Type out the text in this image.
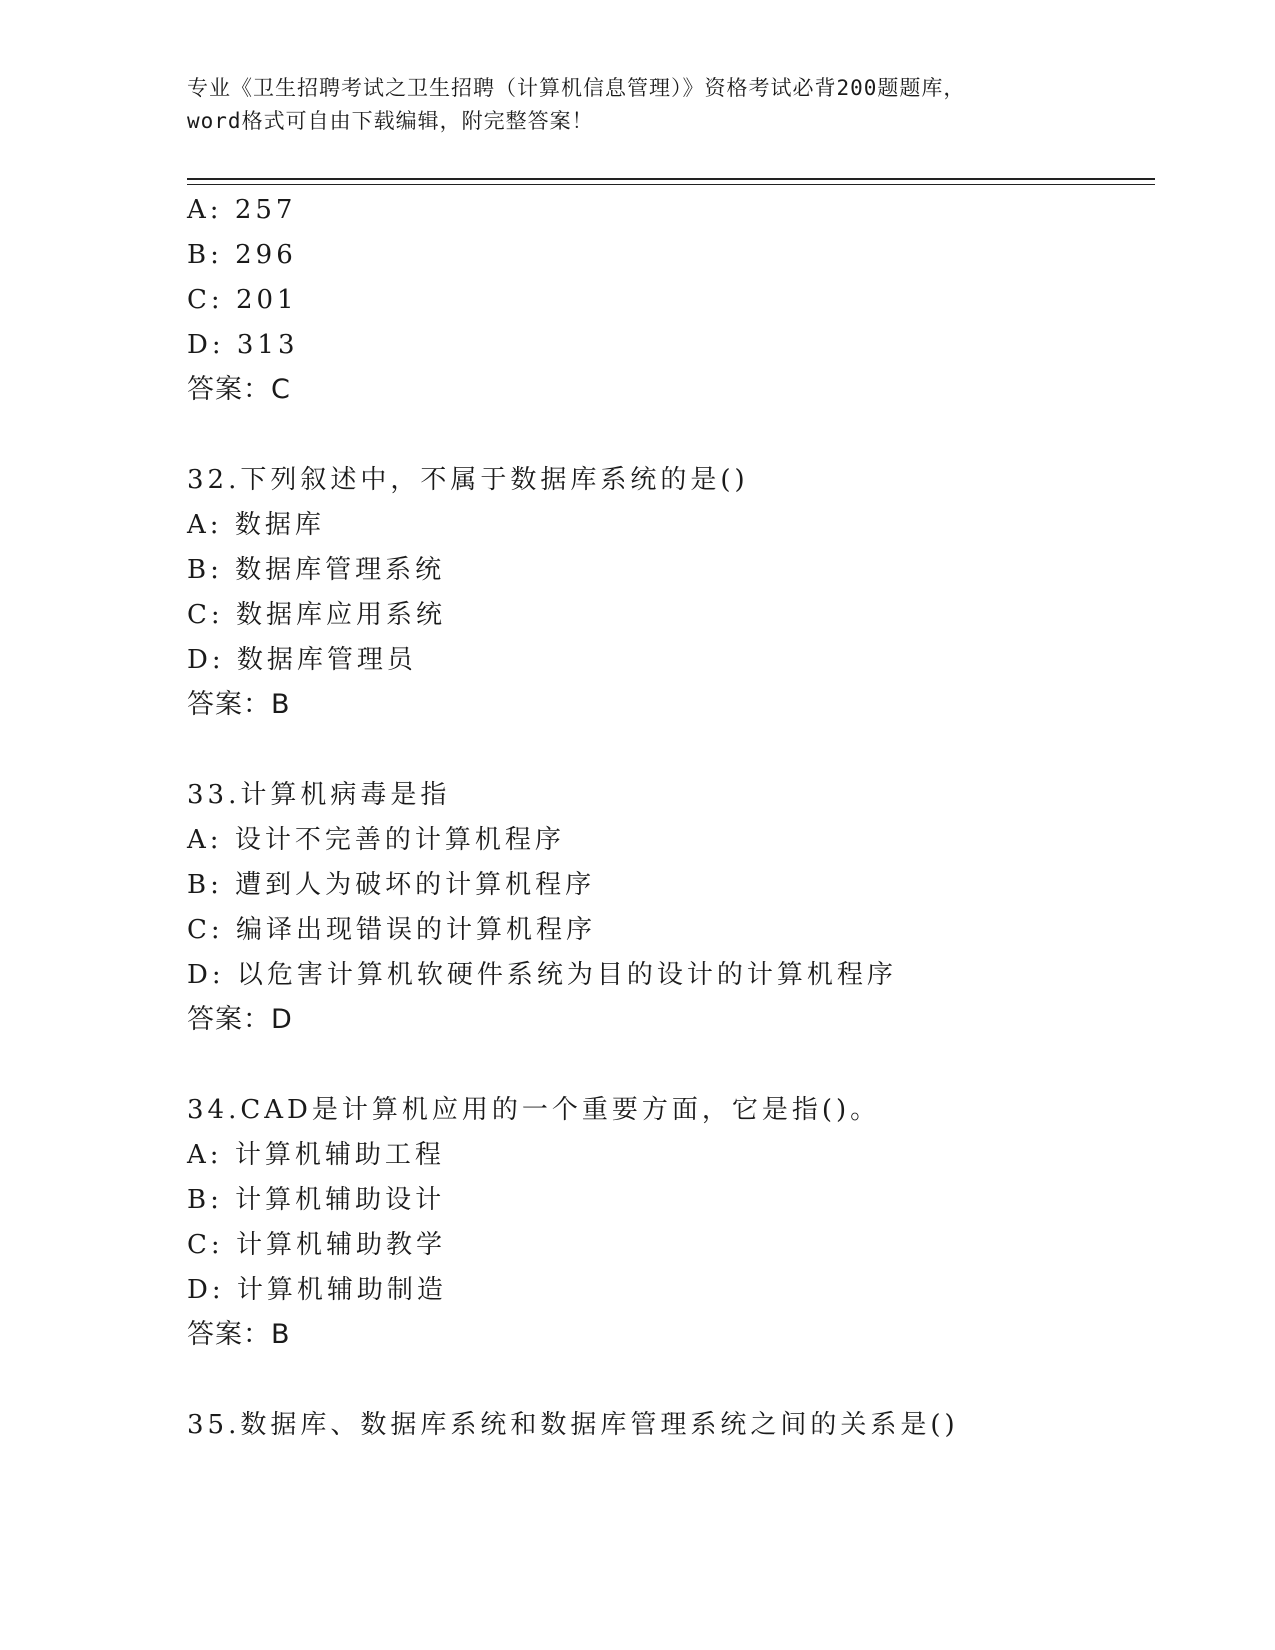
专业《卫生招聘考试之卫生招聘（计算机信息管理）》资格考试必背200题题库，
word格式可自由下载编辑，附完整答案！
A: 257
B: 296
C: 201
D: 313
答案：C
32.下列叙述中，不属于数据库系统的是()
A: 数据库
B: 数据库管理系统
C: 数据库应用系统
D: 数据库管理员
答案：B
33.计算机病毒是指
A: 设计不完善的计算机程序
B: 遭到人为破坏的计算机程序
C: 编译出现错误的计算机程序
D: 以危害计算机软硬件系统为目的设计的计算机程序
答案：D
34.CAD是计算机应用的一个重要方面，它是指()。
A: 计算机辅助工程
B: 计算机辅助设计
C: 计算机辅助教学
D: 计算机辅助制造
答案：B
35.数据库、数据库系统和数据库管理系统之间的关系是()
